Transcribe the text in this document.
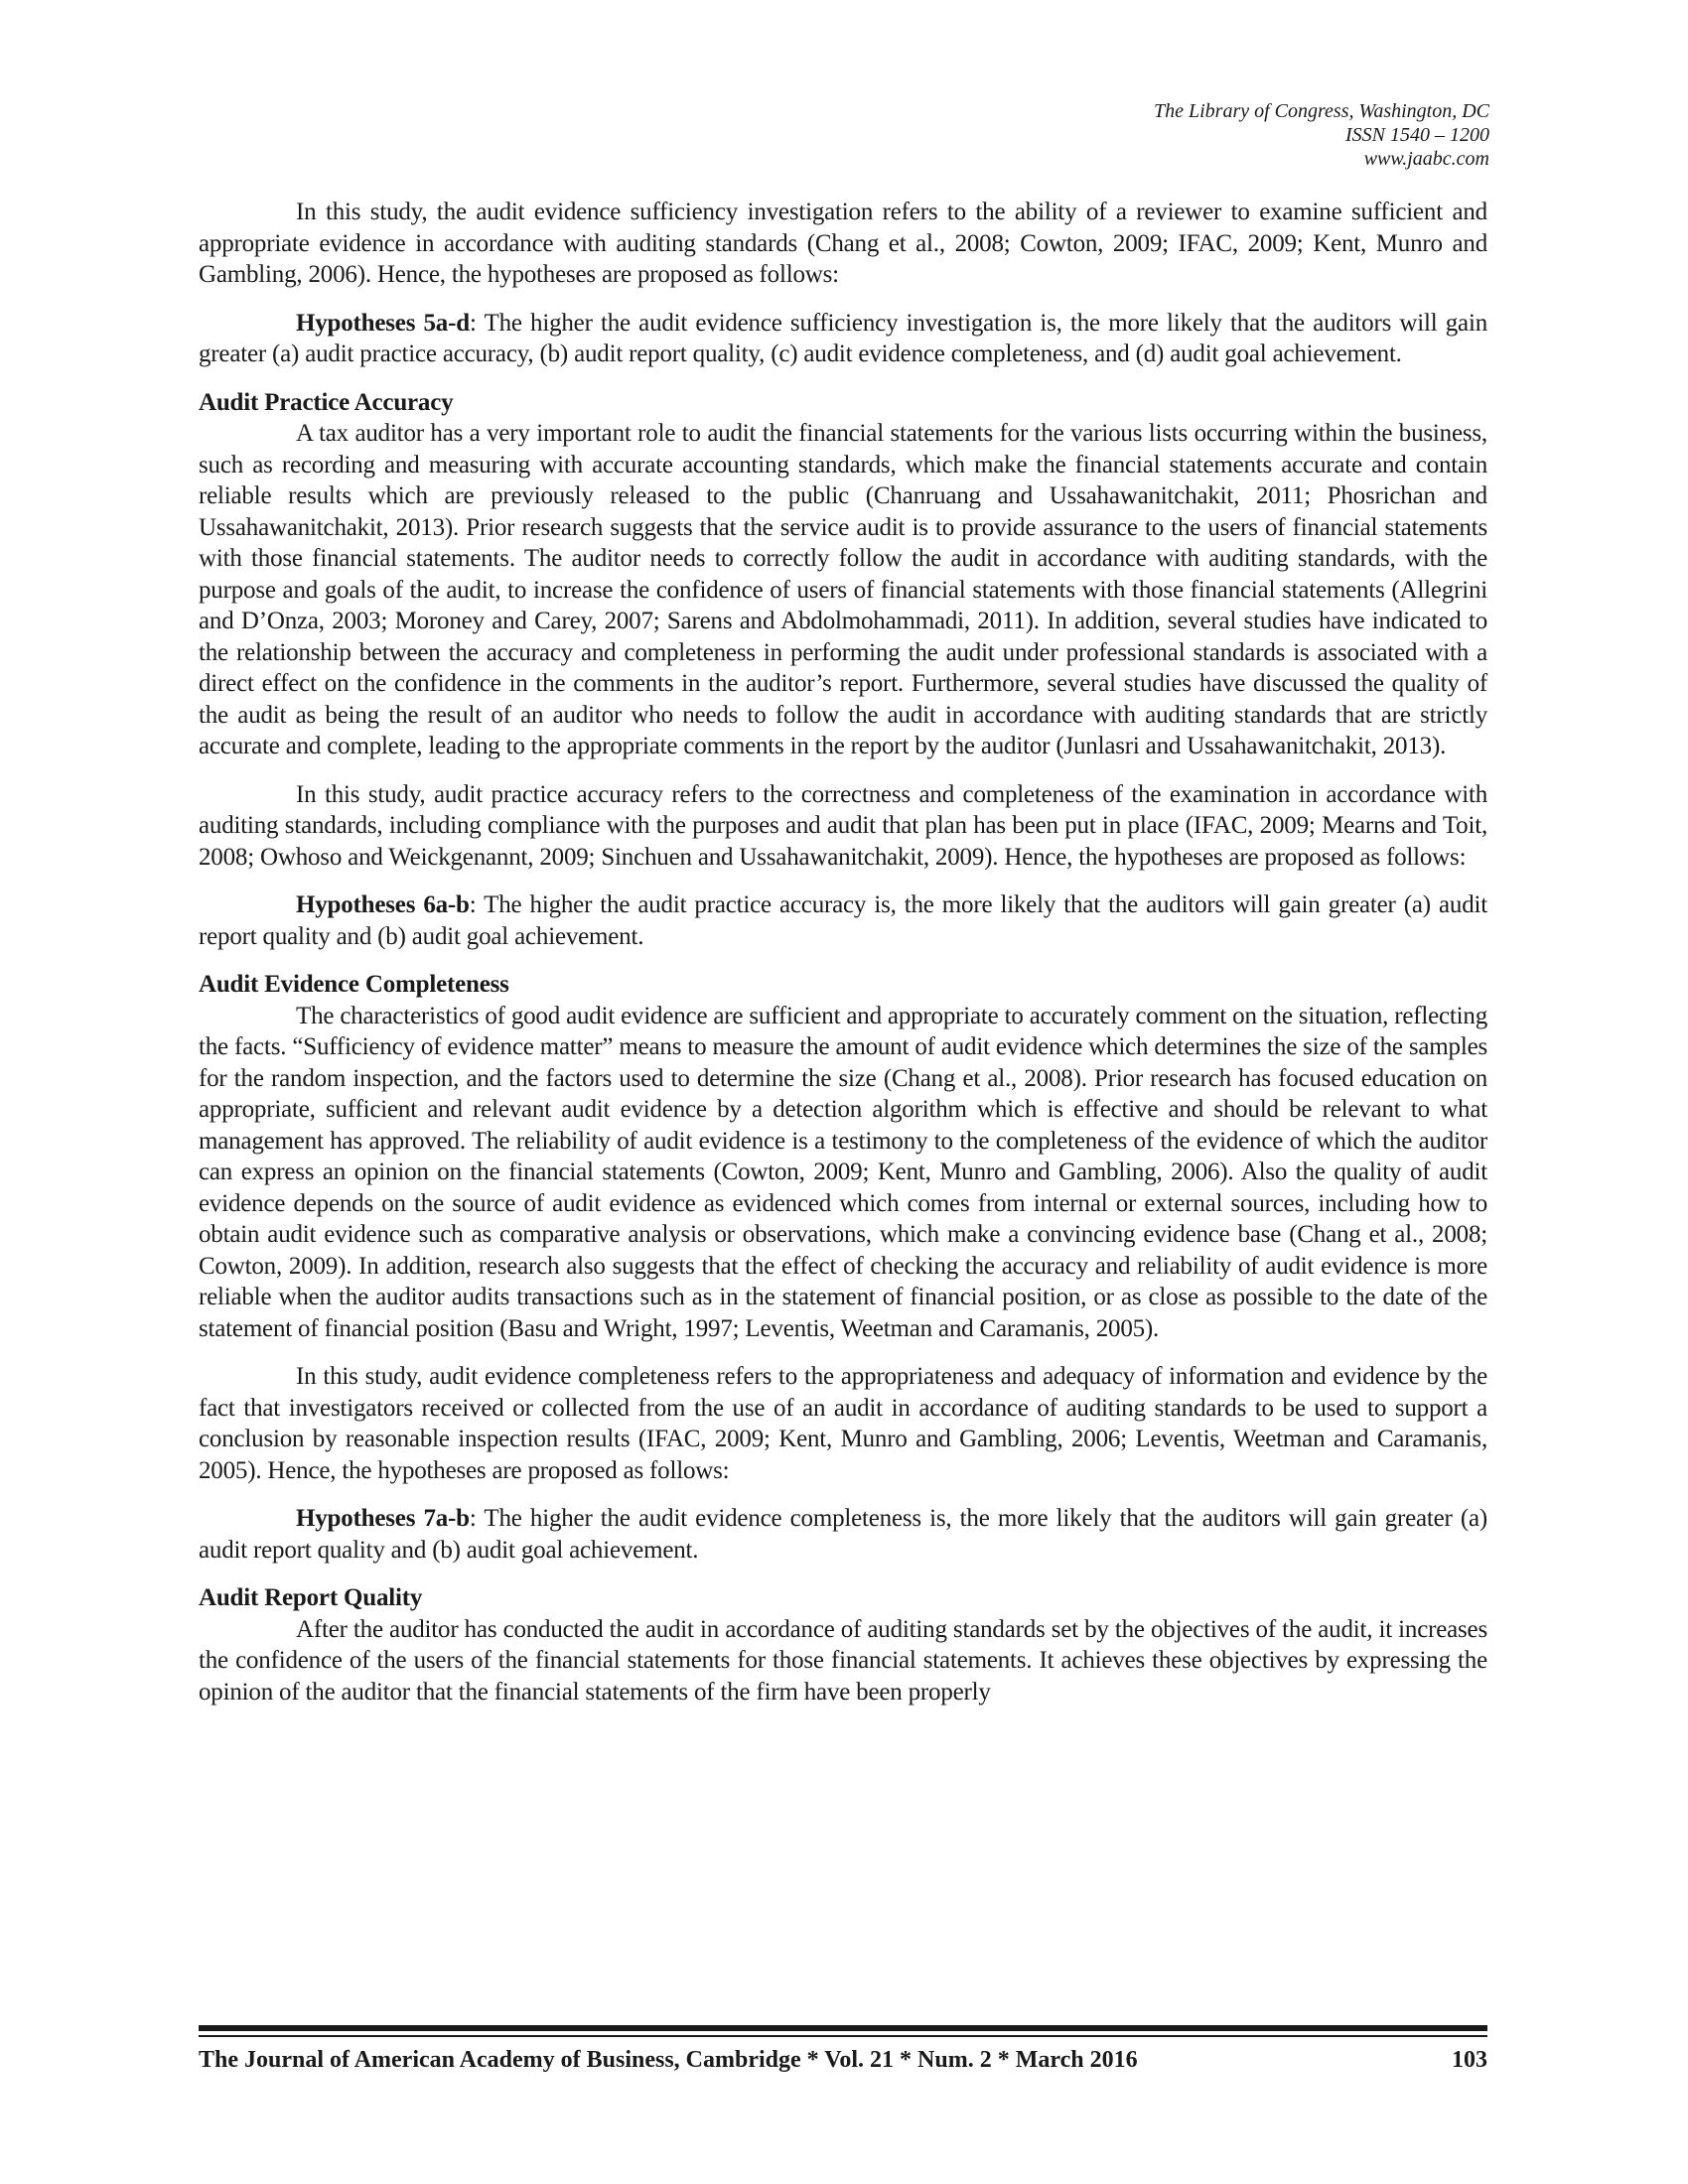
The Library of Congress, Washington, DC
ISSN 1540 – 1200
www.jaabc.com

In this study, the audit evidence sufficiency investigation refers to the ability of a reviewer to examine sufficient and appropriate evidence in accordance with auditing standards (Chang et al., 2008; Cowton, 2009; IFAC, 2009; Kent, Munro and Gambling, 2006). Hence, the hypotheses are proposed as follows:

Hypotheses 5a-d: The higher the audit evidence sufficiency investigation is, the more likely that the auditors will gain greater (a) audit practice accuracy, (b) audit report quality, (c) audit evidence completeness, and (d) audit goal achievement.

Audit Practice Accuracy

A tax auditor has a very important role to audit the financial statements for the various lists occurring within the business, such as recording and measuring with accurate accounting standards, which make the financial statements accurate and contain reliable results which are previously released to the public (Chanruang and Ussahawanitchakit, 2011; Phosrichan and Ussahawanitchakit, 2013). Prior research suggests that the service audit is to provide assurance to the users of financial statements with those financial statements. The auditor needs to correctly follow the audit in accordance with auditing standards, with the purpose and goals of the audit, to increase the confidence of users of financial statements with those financial statements (Allegrini and D’Onza, 2003; Moroney and Carey, 2007; Sarens and Abdolmohammadi, 2011). In addition, several studies have indicated to the relationship between the accuracy and completeness in performing the audit under professional standards is associated with a direct effect on the confidence in the comments in the auditor’s report. Furthermore, several studies have discussed the quality of the audit as being the result of an auditor who needs to follow the audit in accordance with auditing standards that are strictly accurate and complete, leading to the appropriate comments in the report by the auditor (Junlasri and Ussahawanitchakit, 2013).

In this study, audit practice accuracy refers to the correctness and completeness of the examination in accordance with auditing standards, including compliance with the purposes and audit that plan has been put in place (IFAC, 2009; Mearns and Toit, 2008; Owhoso and Weickgenannt, 2009; Sinchuen and Ussahawanitchakit, 2009). Hence, the hypotheses are proposed as follows:

Hypotheses 6a-b: The higher the audit practice accuracy is, the more likely that the auditors will gain greater (a) audit report quality and (b) audit goal achievement.

Audit Evidence Completeness

The characteristics of good audit evidence are sufficient and appropriate to accurately comment on the situation, reflecting the facts. “Sufficiency of evidence matter” means to measure the amount of audit evidence which determines the size of the samples for the random inspection, and the factors used to determine the size (Chang et al., 2008). Prior research has focused education on appropriate, sufficient and relevant audit evidence by a detection algorithm which is effective and should be relevant to what management has approved. The reliability of audit evidence is a testimony to the completeness of the evidence of which the auditor can express an opinion on the financial statements (Cowton, 2009; Kent, Munro and Gambling, 2006). Also the quality of audit evidence depends on the source of audit evidence as evidenced which comes from internal or external sources, including how to obtain audit evidence such as comparative analysis or observations, which make a convincing evidence base (Chang et al., 2008; Cowton, 2009). In addition, research also suggests that the effect of checking the accuracy and reliability of audit evidence is more reliable when the auditor audits transactions such as in the statement of financial position, or as close as possible to the date of the statement of financial position (Basu and Wright, 1997; Leventis, Weetman and Caramanis, 2005).

In this study, audit evidence completeness refers to the appropriateness and adequacy of information and evidence by the fact that investigators received or collected from the use of an audit in accordance of auditing standards to be used to support a conclusion by reasonable inspection results (IFAC, 2009; Kent, Munro and Gambling, 2006; Leventis, Weetman and Caramanis, 2005). Hence, the hypotheses are proposed as follows:

Hypotheses 7a-b: The higher the audit evidence completeness is, the more likely that the auditors will gain greater (a) audit report quality and (b) audit goal achievement.

Audit Report Quality

After the auditor has conducted the audit in accordance of auditing standards set by the objectives of the audit, it increases the confidence of the users of the financial statements for those financial statements. It achieves these objectives by expressing the opinion of the auditor that the financial statements of the firm have been properly

The Journal of American Academy of Business, Cambridge * Vol. 21 * Num. 2 * March 2016	103
